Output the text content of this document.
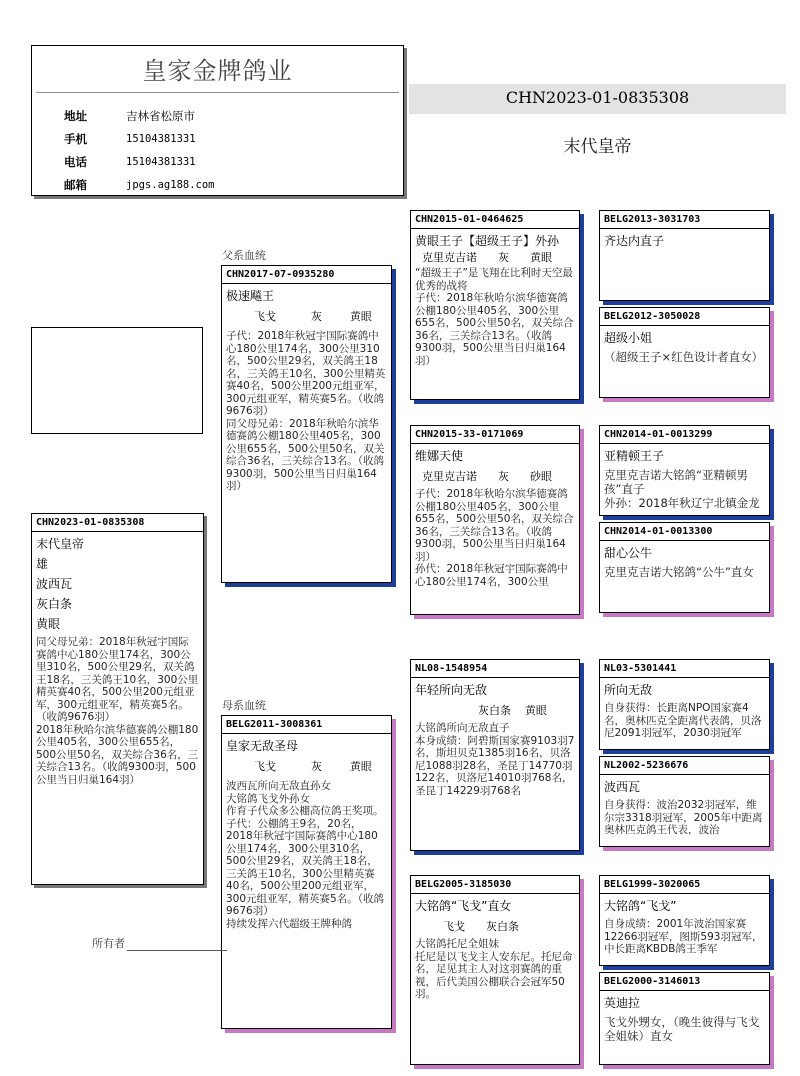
皇家金牌鸽业
地址	吉林省松原市
手机	15104381331
电话	15104381331
邮箱	jpgs.ag188.com
CHN2023-01-0835308
末代皇帝
CHN2023-01-0835308
末代皇帝
雄
波西瓦
灰白条
黄眼
同父母兄弟：2018年秋冠宇国际赛鸽中心180公里174名，300公里310名，500公里29名，双关鸽王18名，三关鸽王10名，300公里精英赛40名，500公里200元组亚军，300元组亚军，精英赛5名。（收鸽9676羽）
2018年秋哈尔滨华德赛鸽公棚180公里405名，300公里655名，500公里50名，双关综合36名，三关综合13名。（收鸽9300羽，500公里当日归巢164羽）
父系血统
母系血统
CHN2017-07-0935280
极速飚王
飞戈          灰        黄眼
子代：2018年秋冠宇国际赛鸽中心180公里174名，300公里310名，500公里29名，双关鸽王18名，三关鸽王10名，300公里精英赛40名，500公里200元组亚军，300元组亚军，精英赛5名。（收鸽9676羽）
同父母兄弟：2018年秋哈尔滨华德赛鸽公棚180公里405名，300公里655名，500公里50名，双关综合36名，三关综合13名。（收鸽9300羽，500公里当日归巢164羽）
BELG2011-3008361
皇家无敌圣母
飞戈          灰        黄眼
波西瓦所向无敌直孙女
大铭鸽飞戈外孙女
作育子代众多公棚高位鸽王奖项。
子代：公棚鸽王9名，20名，2018年秋冠宇国际赛鸽中心180公里174名，300公里310名，500公里29名，双关鸽王18名，三关鸽王10名，300公里精英赛40名，500公里200元组亚军，300元组亚军，精英赛5名。（收鸽9676羽）
持续发挥六代超级王牌种鸽
CHN2015-01-0464625
黄眼王子【超级王子】外孙
克里克吉诺      灰      黄眼
“超级王子”是飞翔在比利时天空最优秀的战将
子代：2018年秋哈尔滨华德赛鸽公棚180公里405名，300公里655名，500公里50名，双关综合36名，三关综合13名。（收鸽9300羽，500公里当日归巢164羽）
CHN2015-33-0171069
维娜天使
克里克吉诺      灰      砂眼
子代：2018年秋哈尔滨华德赛鸽公棚180公里405名，300公里655名，500公里50名，双关综合36名，三关综合13名。（收鸽9300羽，500公里当日归巢164羽）
孙代：2018年秋冠宇国际赛鸽中心180公里174名，300公里
NL08-1548954
年轻所向无敌
灰白条    黄眼
大铭鸽所向无敌直子
本身成绩：阿碧斯国家赛9103羽7名，斯坦贝克1385羽16名，贝洛尼1088羽28名，圣昆丁14770羽122名，贝洛尼14010羽768名，圣昆丁14229羽768名
BELG2005-3185030
大铭鸽“飞戈”直女
飞戈      灰白条
大铭鸽托尼全姐妹
托尼是以飞戈主人安东尼。托尼命名，足见其主人对这羽赛鸽的重视，后代美国公棚联合会冠军50羽。
BELG2013-3031703
齐达内直子
BELG2012-3050028
超级小姐
（超级王子×红色设计者直女）
CHN2014-01-0013299
亚精顿王子
克里克吉诺大铭鸽“亚精顿男孩”直子
外孙：2018年秋辽宁北镇金龙
CHN2014-01-0013300
甜心公牛
克里克吉诺大铭鸽“公牛”直女
NL03-5301441
所向无敌
自身获得：长距离NPO国家赛4名，奥林匹克全距离代表鸽，贝洛尼2091羽冠军，2030羽冠军
NL2002-5236676
波西瓦
自身获得：波治2032羽冠军，维尔宗3318羽冠军，2005年中距离奥林匹克鸽王代表，波治
BELG1999-3020065
大铭鸽“飞戈”
自身成绩：2001年波治国家赛12266羽冠军，图斯593羽冠军，中长距离KBDB鸽王季军
BELG2000-3146013
英迪拉
飞戈外甥女，（晚生彼得与飞戈全姐妹）直女
所有者
